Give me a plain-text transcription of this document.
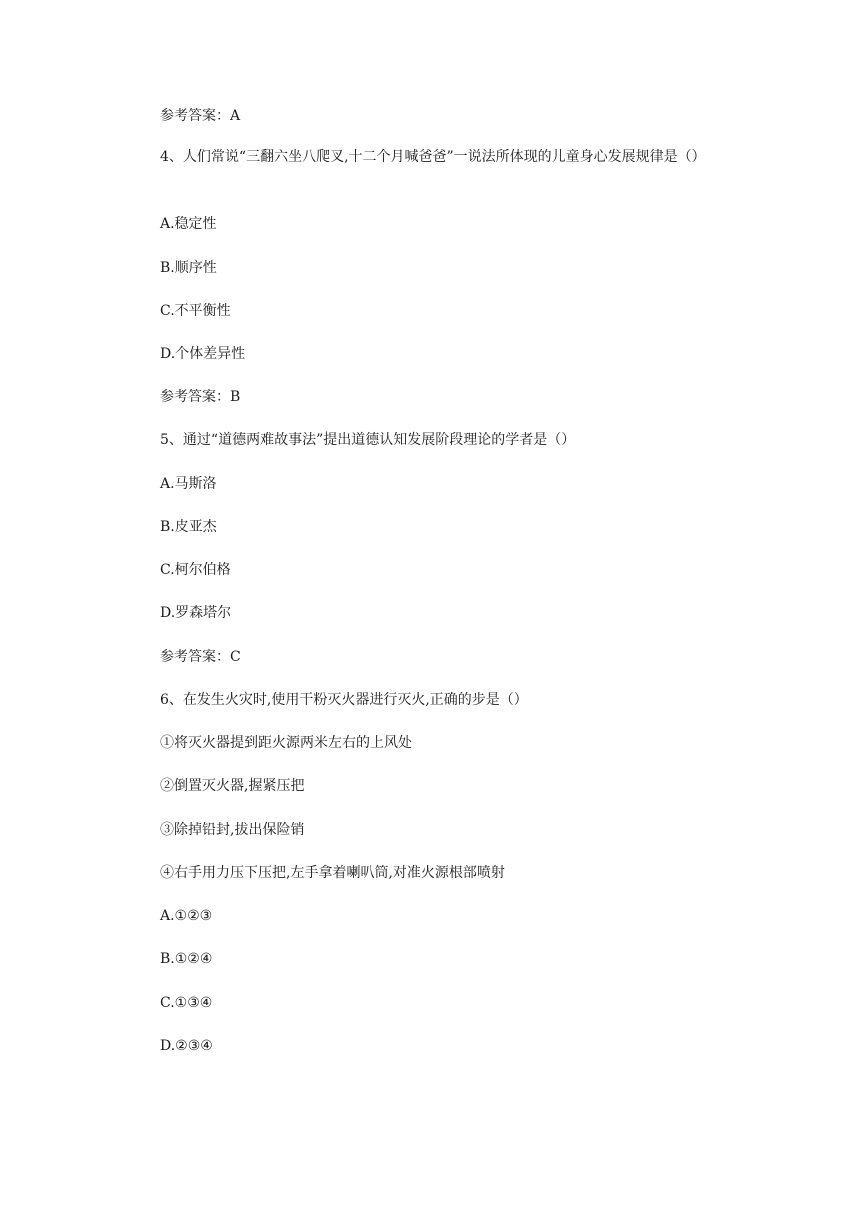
参考答案：A
4、人们常说“三翻六坐八爬叉,十二个月喊爸爸”一说法所体现的儿童身心发展规律是（）
A.稳定性
B.顺序性
C.不平衡性
D.个体差异性
参考答案：B
5、通过“道德两难故事法”提出道德认知发展阶段理论的学者是（）
A.马斯洛
B.皮亚杰
C.柯尔伯格
D.罗森塔尔
参考答案：C
6、在发生火灾时,使用干粉灭火器进行灭火,正确的步是（）
①将灭火器提到距火源两米左右的上风处
②倒置灭火器,握紧压把
③除掉铅封,拔出保险销
④右手用力压下压把,左手拿着喇叭筒,对准火源根部喷射
A.①②③
B.①②④
C.①③④
D.②③④
